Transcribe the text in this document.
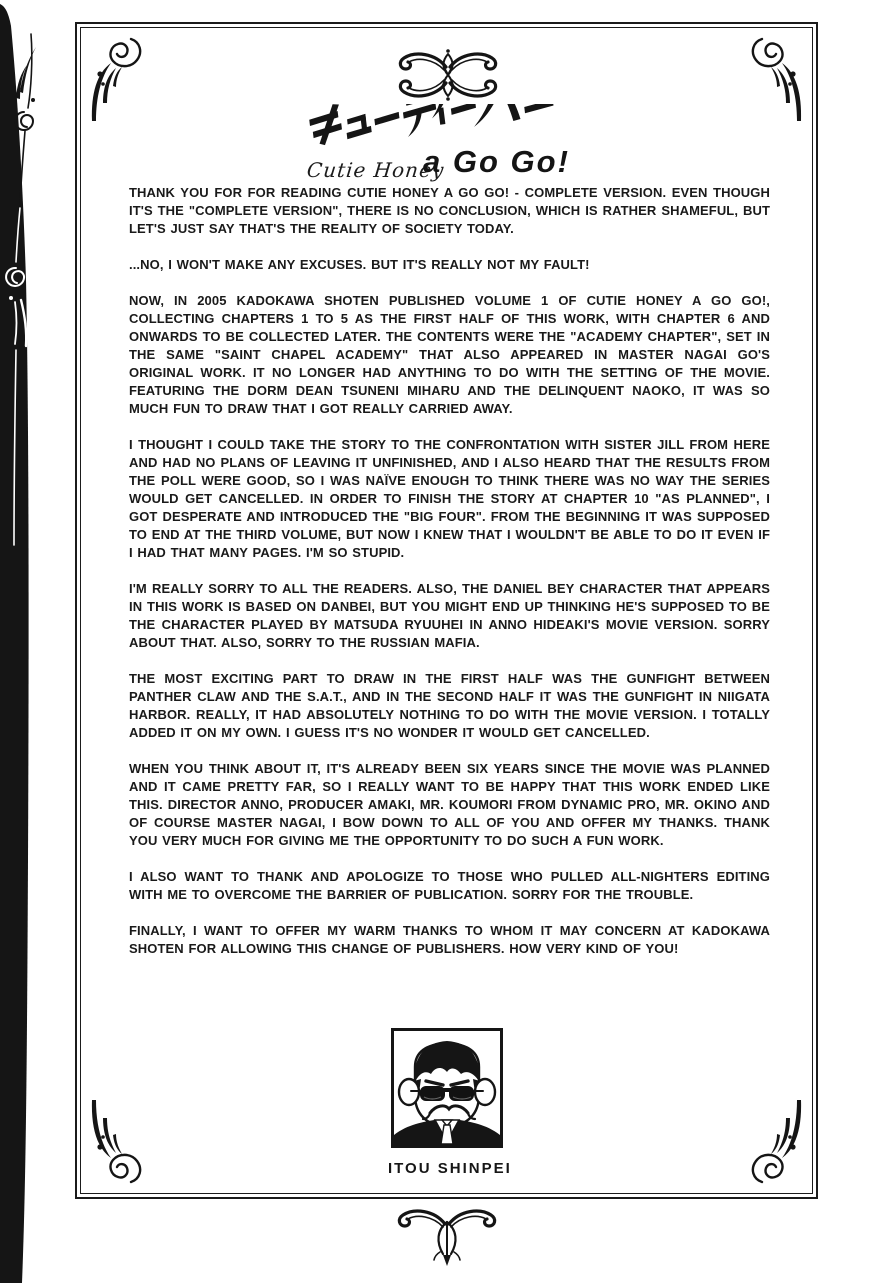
Cutie Honey
a Go Go!

THANK YOU FOR FOR READING CUTIE HONEY A GO GO! - COMPLETE VERSION. EVEN THOUGH IT'S THE "COMPLETE VERSION", THERE IS NO CONCLUSION, WHICH IS RATHER SHAMEFUL, BUT LET'S JUST SAY THAT'S THE REALITY OF SOCIETY TODAY.

...NO, I WON'T MAKE ANY EXCUSES. BUT IT'S REALLY NOT MY FAULT!

NOW, IN 2005 KADOKAWA SHOTEN PUBLISHED VOLUME 1 OF CUTIE HONEY A GO GO!, COLLECTING CHAPTERS 1 TO 5 AS THE FIRST HALF OF THIS WORK, WITH CHAPTER 6 AND ONWARDS TO BE COLLECTED LATER. THE CONTENTS WERE THE "ACADEMY CHAPTER", SET IN THE SAME "SAINT CHAPEL ACADEMY" THAT ALSO APPEARED IN MASTER NAGAI GO'S ORIGINAL WORK. IT NO LONGER HAD ANYTHING TO DO WITH THE SETTING OF THE MOVIE. FEATURING THE DORM DEAN TSUNENI MIHARU AND THE DELINQUENT NAOKO, IT WAS SO MUCH FUN TO DRAW THAT I GOT REALLY CARRIED AWAY.

I THOUGHT I COULD TAKE THE STORY TO THE CONFRONTATION WITH SISTER JILL FROM HERE AND HAD NO PLANS OF LEAVING IT UNFINISHED, AND I ALSO HEARD THAT THE RESULTS FROM THE POLL WERE GOOD, SO I WAS NAÏVE ENOUGH TO THINK THERE WAS NO WAY THE SERIES WOULD GET CANCELLED. IN ORDER TO FINISH THE STORY AT CHAPTER 10 "AS PLANNED", I GOT DESPERATE AND INTRODUCED THE "BIG FOUR". FROM THE BEGINNING IT WAS SUPPOSED TO END AT THE THIRD VOLUME, BUT NOW I KNEW THAT I WOULDN'T BE ABLE TO DO IT EVEN IF I HAD THAT MANY PAGES. I'M SO STUPID.

I'M REALLY SORRY TO ALL THE READERS. ALSO, THE DANIEL BEY CHARACTER THAT APPEARS IN THIS WORK IS BASED ON DANBEI, BUT YOU MIGHT END UP THINKING HE'S SUPPOSED TO BE THE CHARACTER PLAYED BY MATSUDA RYUUHEI IN ANNO HIDEAKI'S MOVIE VERSION. SORRY ABOUT THAT. ALSO, SORRY TO THE RUSSIAN MAFIA.

THE MOST EXCITING PART TO DRAW IN THE FIRST HALF WAS THE GUNFIGHT BETWEEN PANTHER CLAW AND THE S.A.T., AND IN THE SECOND HALF IT WAS THE GUNFIGHT IN NIIGATA HARBOR. REALLY, IT HAD ABSOLUTELY NOTHING TO DO WITH THE MOVIE VERSION. I TOTALLY ADDED IT ON MY OWN. I GUESS IT'S NO WONDER IT WOULD GET CANCELLED.

WHEN YOU THINK ABOUT IT, IT'S ALREADY BEEN SIX YEARS SINCE THE MOVIE WAS PLANNED AND IT CAME PRETTY FAR, SO I REALLY WANT TO BE HAPPY THAT THIS WORK ENDED LIKE THIS. DIRECTOR ANNO, PRODUCER AMAKI, MR. KOUMORI FROM DYNAMIC PRO, MR. OKINO AND OF COURSE MASTER NAGAI, I BOW DOWN TO ALL OF YOU AND OFFER MY THANKS. THANK YOU VERY MUCH FOR GIVING ME THE OPPORTUNITY TO DO SUCH A FUN WORK.

I ALSO WANT TO THANK AND APOLOGIZE TO THOSE WHO PULLED ALL-NIGHTERS EDITING WITH ME TO OVERCOME THE BARRIER OF PUBLICATION. SORRY FOR THE TROUBLE.

FINALLY, I WANT TO OFFER MY WARM THANKS TO WHOM IT MAY CONCERN AT KADOKAWA SHOTEN FOR ALLOWING THIS CHANGE OF PUBLISHERS. HOW VERY KIND OF YOU!

ITOU SHINPEI
